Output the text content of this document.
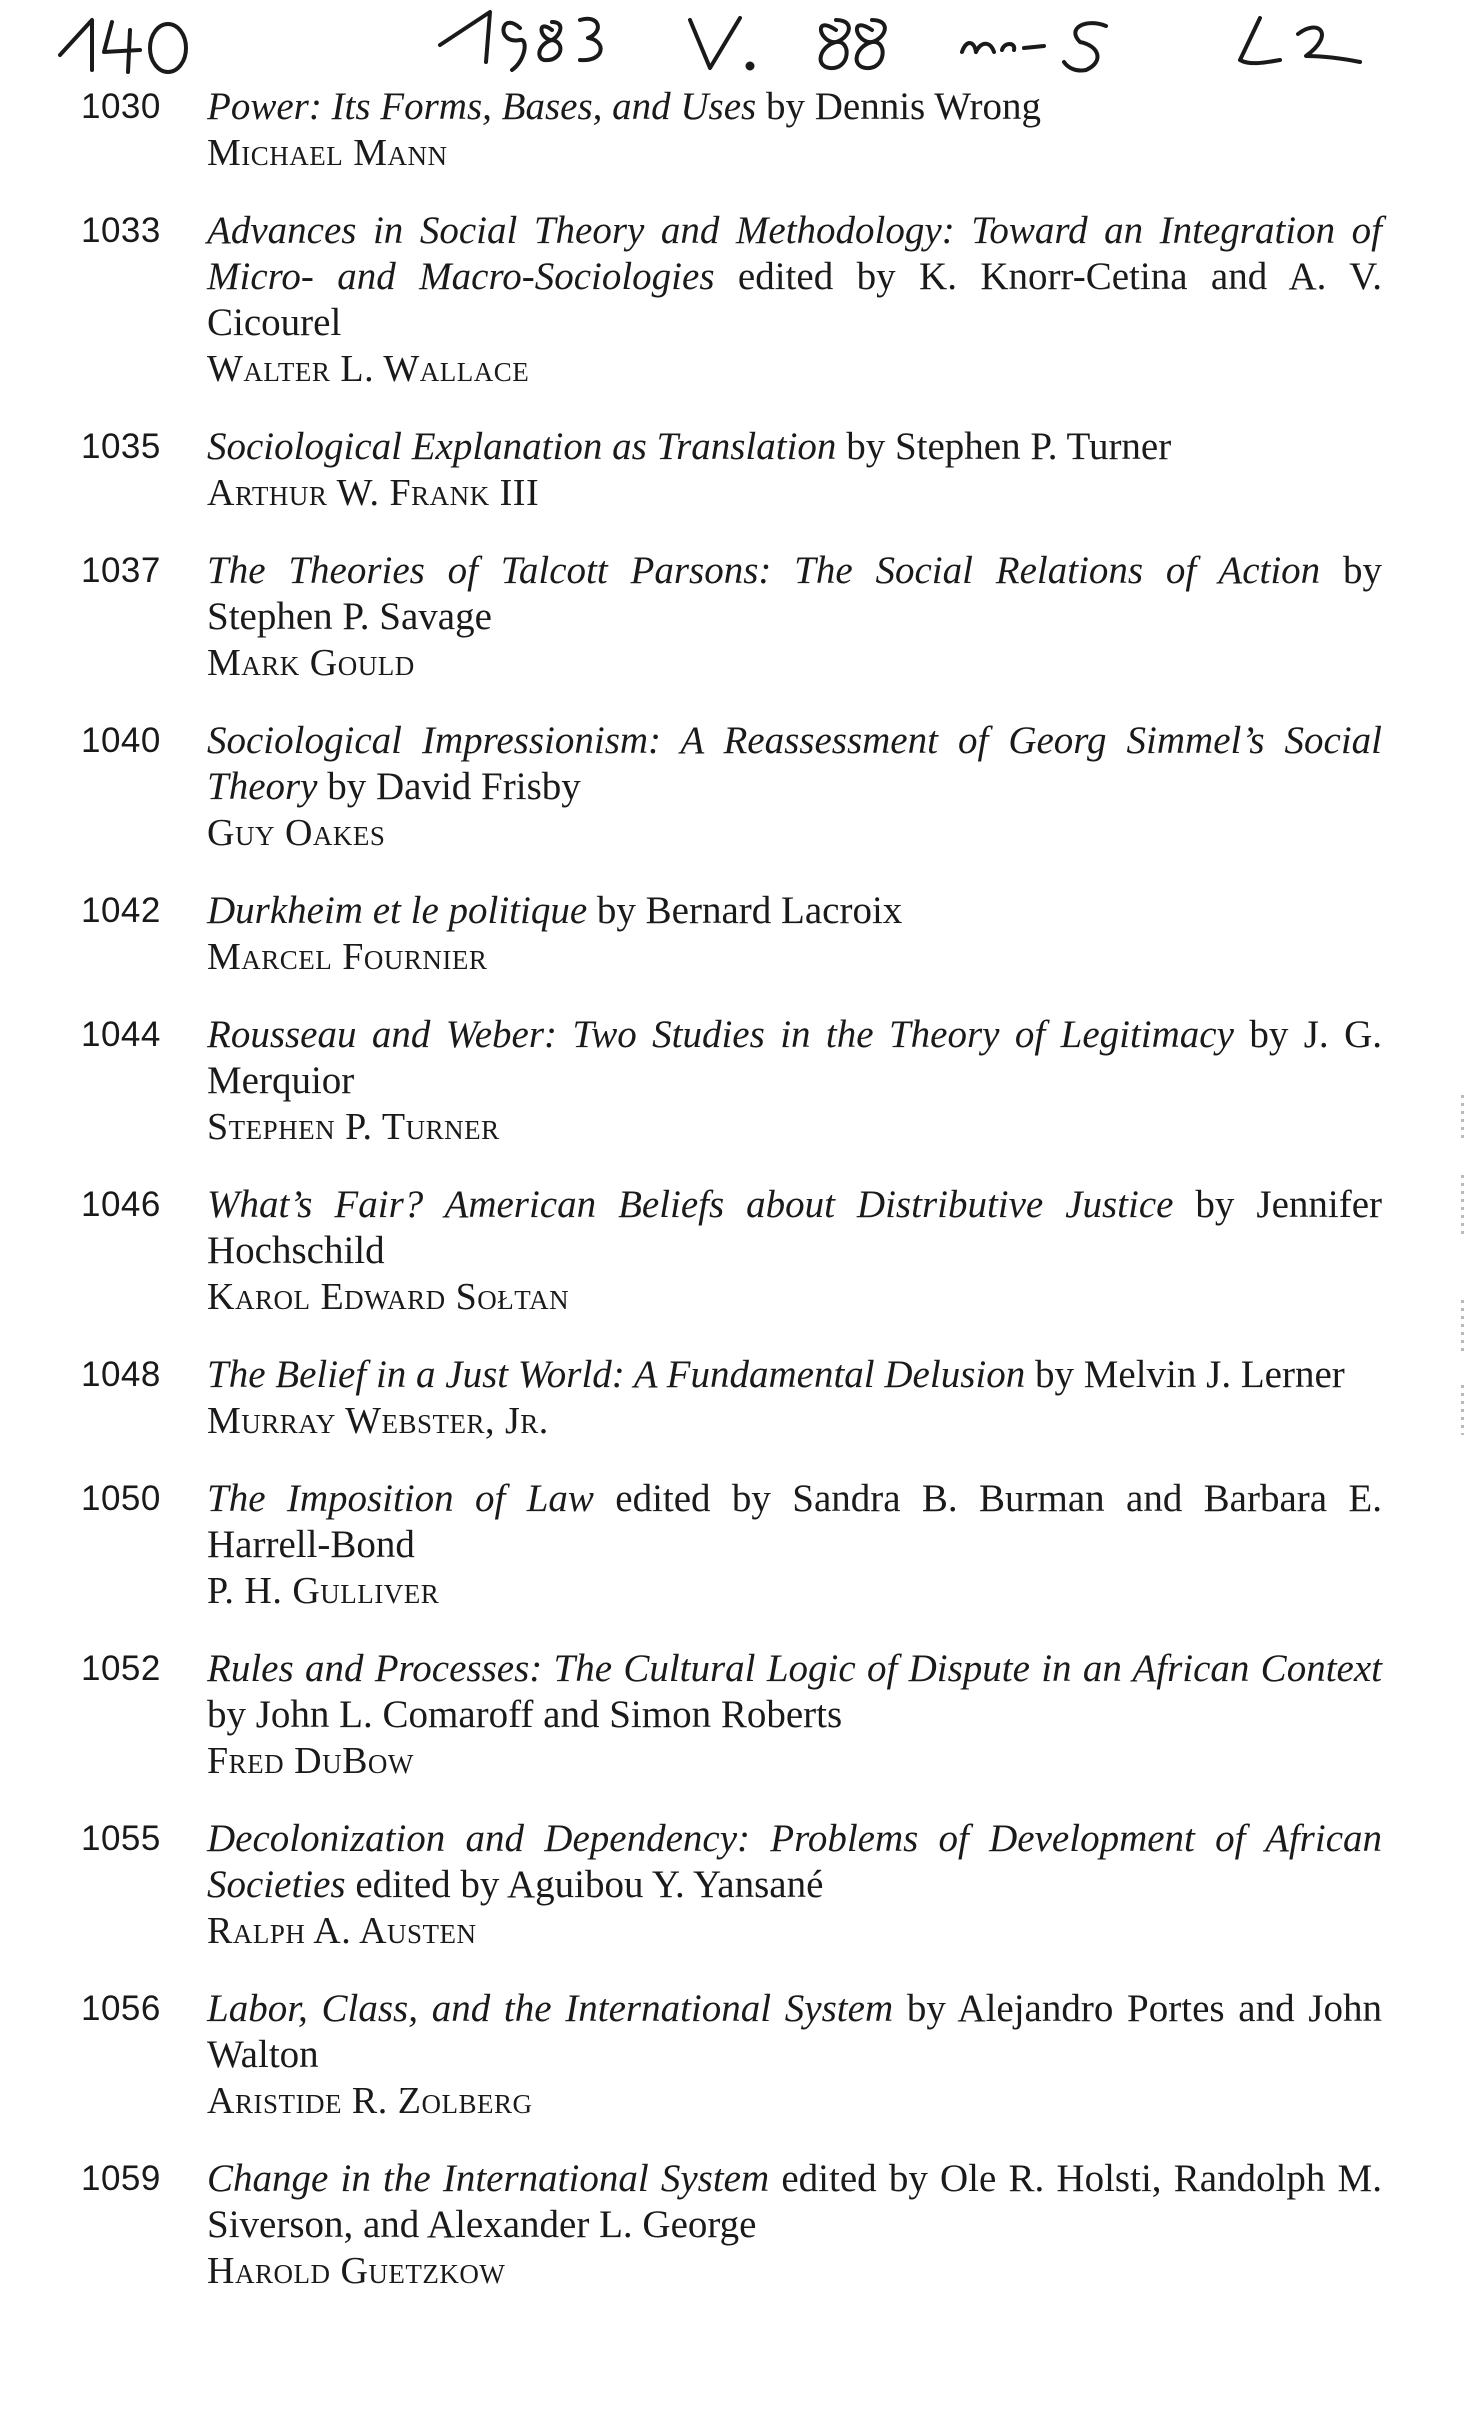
1030 Power: Its Forms, Bases, and Uses by Dennis Wrong
Michael Mann
1033 Advances in Social Theory and Methodology: Toward an Integration of Micro- and Macro-Sociologies edited by K. Knorr-Cetina and A. V. Cicourel
Walter L. Wallace
1035 Sociological Explanation as Translation by Stephen P. Turner
Arthur W. Frank III
1037 The Theories of Talcott Parsons: The Social Relations of Action by Stephen P. Savage
Mark Gould
1040 Sociological Impressionism: A Reassessment of Georg Simmel’s Social Theory by David Frisby
Guy Oakes
1042 Durkheim et le politique by Bernard Lacroix
Marcel Fournier
1044 Rousseau and Weber: Two Studies in the Theory of Legitimacy by J. G. Merquior
Stephen P. Turner
1046 What’s Fair? American Beliefs about Distributive Justice by Jennifer Hochschild
Karol Edward Sołtan
1048 The Belief in a Just World: A Fundamental Delusion by Melvin J. Lerner
Murray Webster, Jr.
1050 The Imposition of Law edited by Sandra B. Burman and Barbara E. Harrell-Bond
P. H. Gulliver
1052 Rules and Processes: The Cultural Logic of Dispute in an African Context by John L. Comaroff and Simon Roberts
Fred DuBow
1055 Decolonization and Dependency: Problems of Development of African Societies edited by Aguibou Y. Yansané
Ralph A. Austen
1056 Labor, Class, and the International System by Alejandro Portes and John Walton
Aristide R. Zolberg
1059 Change in the International System edited by Ole R. Holsti, Randolph M. Siverson, and Alexander L. George
Harold Guetzkow
